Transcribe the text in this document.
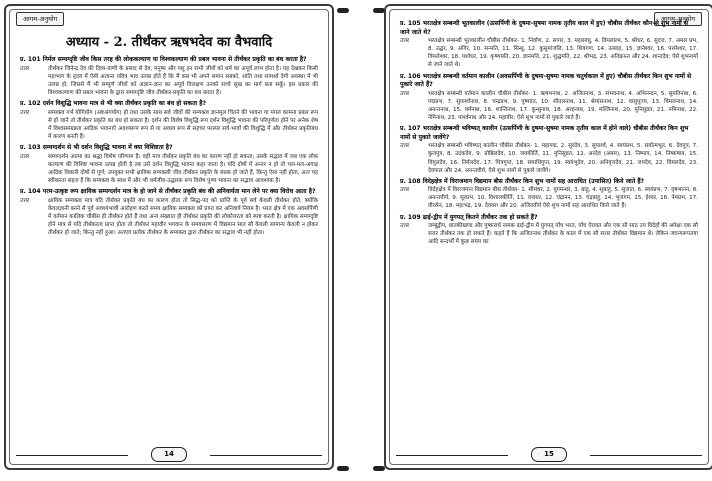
आगम-अनुयोग
अध्याय - 2. तीर्थंकर ऋषभदेव का वैभवादि
प्र. 101 निर्मल सम्यग्दृष्टि जीव किस तरह की लोककल्याण या विश्वकल्याण की प्रबल भावना से तीर्थंकर प्रकृति का बंध करता है?
उत्तर	तीर्थंकर जिनेन्द्र देव की दिव्य-वाणी के प्रसाद से देव, मनुष्य और पशु इन सभी जीवों को धर्म का अपूर्व लाभ होता है। यह देखकर किसी महाभाग के हृदय में ऐसी अत्यन्त पवित्र भाव उत्पन्न होते हैं कि मैं कब भी अपने समान सबको, शांति तथा सामर्थ्य देगी अवस्था में भी उत्पन्न हो, जिससे मैं भी सम्पूर्ण जीवों को अज्ञान-ज्ञान का अपूर्व विलक्षण उनको सच्चे सुख का मार्ग बता सकूँ। इस प्रकार की विश्वकल्याण की प्रबल भावना के द्वारा सम्यग्दृष्टि जीव तीर्थंकर-प्रकृति का बंध करता है।
प्र. 102 दर्शन विशुद्धि भावना मात्र से भी क्या तीर्थंकर प्रकृति का बंध हो सकता है?
उत्तर	सम्यक्त्व गर्भ योगियोग (अष्टअंगयोग) हो तथा उसके साथ सर्व जीवों की सम्यक्त्व ज्ञानमूल चिंतने की भावना या मंगल कामना प्रबल रूप से हो जाने तो तीर्थंकर प्रकृति का बंध हो सकता है। दर्शन की विशेष विशुद्धि रूप दर्शन विशुद्धि भावना की परिपूर्णता होने पर अनेक शेष में विश्वसमग्रन्नता आदिक भावनाएँ अवश्यरूप रूप से या अव्यय रूप से सहचर परस्पर सर्व-भावों की विशुद्धि में और तीर्थंकर प्रकृतिबंध में कारण बनती हैं।
प्र. 103 सम्यग्दर्शन से भी दर्शन विशुद्धि भावना में क्या विशिष्टता है?
उत्तर	सम्यग्दर्शन आत्मा का श्रद्धा विशेष परिणाम है। वही मात्र तीर्थंकर प्रकृति बंध का कारण नहीं हो सकता; उसके सद्भाव में जब एक लोक कल्याण की विशिष्ट भावना उत्पन्न होती है तब उसे दर्शन विशुद्धि भावना कहा जाता है। यदि दोषों में अन्तर न हो तो चल-मल-अगाढ़ आदिक विकारी दोषों से पूर्ण; उपयुक्त सभी क्षायिक सम्यक्त्वी जीव तीर्थंकर प्रकृति के बंधक हो जाते हैं, किन्तु ऐसा नहीं होता, अतः यह स्वीकरता सहज है कि सम्यक्त्व के साथ में और भी धर्मजीव-उद्धारक रूप विशेष पुण्य भावना का सद्भाव आवश्यक है।
प्र. 104 परम-उत्कृष्ट रूप क्षायिक सम्यग्दर्शन मात्र के हो जाने से तीर्थंकर प्रकृति बंध की अनिवार्यता मान लेने पर क्या विरोध आता है?
उत्तर	क्षायिक सम्यक्त्व मात्र यदि तीर्थंकर प्रकृति बंध का कारण होता तो सिद्ध-पद को प्राप्ति के पूर्व सर्व केवली तीर्थंकर होते, क्योंकि केवलज्ञानी बनने से पूर्व अवश्यंभावी आरोहण करते समय क्षायिक सम्यक्त्व को प्राप्त कर अनिवार्य नियम है। भरत क्षेत्र में एक अवसर्पिणी में वर्तमान कालिक चौबीस ही तीर्थंकर होते हैं तथा अन्य संख्यात ही तीर्थंकर प्रकृति की लोकोत्तरता को स्पष्ट करती है। क्षायिक सम्यग्दृष्टि होने मात्र से यदि तीर्थंकरत्व प्राप्त होता तो तीर्थंकर महावीर भगवान के समवसरण में विद्यमान सात सौ केवली सामान्य केवली न होकर तीर्थंकर हो जाते; किन्तु नहीं हुआ। अतएव प्रत्येक तीर्थंकर के सम्यक्त्व द्वारा तीर्थंकर का सद्भाव भी नहीं होता।
14
आगम-अनुयोग
प्र. 105 भरतक्षेत्र सम्बन्धी भूतकालीन (उत्सर्पिणी के दुषमा-सुषमा नामक तृतीय काल में हुए) चौबीस तीर्थंकर कौन-से शुभ नामों से जाने जाते थे?
उत्तर	भरतक्षेत्र सम्बन्धी भूतकालीन चौबीस तीर्थंकर- 1. निर्वाण, 2. सागर, 3. महासाधु, 4. विमलप्रभ, 5. श्रीधर, 6. सुदत्त, 7. अमल प्रभ, 8. उद्धर, 9. अंगिर, 10. सन्मति, 11. सिन्धु, 12. कुसुमांजलि, 13. शिवगण, 14. उत्साह, 15. ज्ञानेश्वर, 16. परमेश्वर, 17. विमलेश्वर, 18. यशोधर, 19. कृष्णमति, 20. ज्ञानमति, 21. शुद्धमति, 22. श्रीभद्र, 23. अतिक्रान्त और 24. शान्तदेव; ऐसे शुभनामों से जाने जाते थे।
प्र. 106 भरतक्षेत्र सम्बन्धी वर्तमान कालीन (अवसर्पिणी के दुषमा-सुषमा नामक चतुर्थकाल में हुए) चौबीस तीर्थंकर किन शुभ नामों से पुकारे जाते हैं?
उत्तर	भरतक्षेत्र सम्बन्धी वर्तमान कालीन चौबीस तीर्थंकर- 1. ऋषभनाथ, 2. अजितनाथ, 3. संभवनाथ, 4. अभिनन्दन, 5. सुमतिनाथ, 6. पद्मप्रभ, 7. सुपार्श्वनाथ, 8. चन्द्रप्रभ, 9. पुष्पदंत, 10. शीतलनाथ, 11. श्रेयांसनाथ, 12. वासुपूज्य, 13. विमलनाथ, 14. अनन्तनाथ, 15. धर्मनाथ, 16. शान्तिनाथ, 17. कुन्थुनाथ, 18. अरहनाथ, 19. मल्लिनाथ, 20. मुनिसुव्रत, 21. नमिनाथ, 22. नेमिनाथ, 23. पार्श्वनाथ और 24. महावीर; ऐसे शुभ नामों से पुकारे जाते हैं।
प्र. 107 भरतक्षेत्र सम्बन्धी भविष्यत् कालीन (उत्सर्पिणी के दुषमा-सुषमा नामक तृतीय काल में होने वाले) चौबीस तीर्थंकर किन शुभ नामों से पुकारे जावेंगे?
उत्तर	भरतक्षेत्र सम्बन्धी भविष्यत् कालीन चौबीस तीर्थंकर- 1. महापद्म, 2. सुरदेव, 3. सुपार्श्व, 4. स्वयंप्रभ, 5. सर्वात्मभूत, 6. देवपुत्र, 7. कुलपुत्र, 8. उदंकदेव, 9. प्रोष्ठिलदेव, 10. जयकीर्ति, 11. मुनिसुव्रत, 12. अरदेव (अमम), 13. निष्पाप, 14. निष्कषाय, 15. विपुलदेव, 16. निर्मलदेव, 17. चित्रगुप्त, 18. समाधिगुप्त, 19. स्वयंभूदेव, 20. अनिवृत्तदेव, 21. जयदेव, 22. विमलदेव, 23. देवपाल और 24. अनन्तवीर्य, ऐसे शुभ नामों से पुकारे जावेंगे।
प्र. 108 विदेहक्षेत्र में विराजमान विद्यमान बीस तीर्थंकर किन शुभ नामों सह आराधित (उपासित) किये जाते हैं?
उत्तर	विदेहक्षेत्र में विराजमान विद्यमान बीस तीर्थंकर- 1. सीमंधर, 2. युगमन्धर, 3. बाहु, 4. सुबाहु, 5. सुजात, 6. स्वयंप्रभ, 7. वृषभानन, 8. अनन्तवीर्य, 9. सूरप्रभ, 10. विशालकीर्ति, 11. वज्रधर, 12. चंद्रानन, 13. चंद्रबाहु, 14. भुजंगम, 15. ईश्वर, 16. नेमप्रभ, 17. वीरसेन, 18. महाभद्र, 19. देवयश और 20. अजितवीर्य ऐसे शुभ नामों सह आराधित किये जाते हैं।
प्र. 109 ढाई-द्वीप में युगपत् कितने तीर्थंकर तक हो सकते हैं?
उत्तर	जम्बूद्वीप, धातकीखण्ड और पुष्करार्ध नामक ढाई-द्वीप में युगपत् पाँच भरत, पाँच ऐरावत और एक सौ साठ उप विदेहों की अपेक्षा एक सौ सत्तर तीर्थंकर तक हो सकते हैं। कहते हैं कि अजितनाथ तीर्थंकर के काल में एक सौ सत्तर तीर्थंकर विद्यमान थे। लेकिन जघन्यरूपतया आदि सन्दर्भों में कुछ समय का
15
